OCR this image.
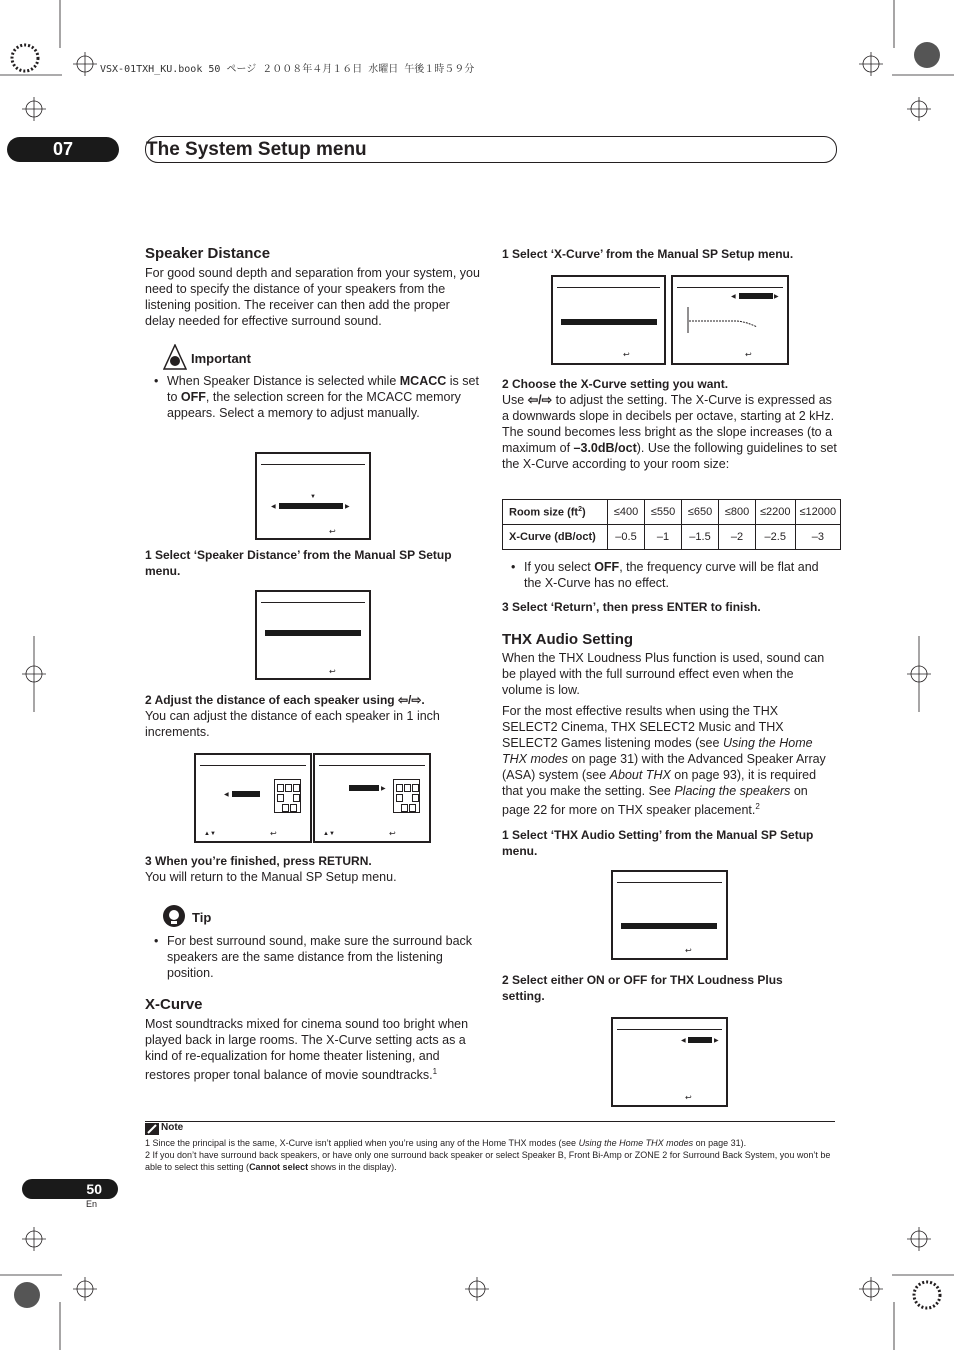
VSX-01TXH_KU.book 50 ページ ２００８年４月１６日 水曜日 午後１時５９分
07	The System Setup menu
Speaker Distance

For good sound depth and separation from your system, you need to specify the distance of your speakers from the listening position. The receiver can then add the proper delay needed for effective surround sound.

Important

• When Speaker Distance is selected while MCACC is set to OFF, the selection screen for the MCACC memory appears. Select a memory to adjust manually.

▼
◀	▶
↩

1 Select ‘Speaker Distance’ from the Manual SP Setup menu.

↩

2 Adjust the distance of each speaker using ⇦/⇨.

You can adjust the distance of each speaker in 1 inch increments.

◀
▲▼	↩
▶
▲▼	↩

3 When you’re finished, press RETURN.

You will return to the Manual SP Setup menu.

Tip

• For best surround sound, make sure the surround back speakers are the same distance from the listening position.

X-Curve

Most soundtracks mixed for cinema sound too bright when played back in large rooms. The X-Curve setting acts as a kind of re-equalization for home theater listening, and restores proper tonal balance of movie soundtracks.$^1$

1 Select ‘X-Curve’ from the Manual SP Setup menu.

↩
◀	▶
↩

2 Choose the X-Curve setting you want.

Use ⇦/⇨ to adjust the setting. The X-Curve is expressed as a downwards slope in decibels per octave, starting at 2 kHz. The sound becomes less bright as the slope increases (to a maximum of –3.0dB/oct). Use the following guidelines to set the X-Curve according to your room size:

Room size $(ft^2)$	≤400	≤550	≤650	≤800	≤2200	≤12000
X-Curve (dB/oct)	–0.5	–1	–1.5	–2	–2.5	–3

• If you select OFF, the frequency curve will be flat and the X-Curve has no effect.

3 Select ‘Return’, then press ENTER to finish.

THX Audio Setting

When the THX Loudness Plus function is used, sound can be played with the full surround effect even when the volume is low.

For the most effective results when using the THX SELECT2 Cinema, THX SELECT2 Music and THX SELECT2 Games listening modes (see Using the Home THX modes on page 31) with the Advanced Speaker Array (ASA) system (see About THX on page 93), it is required that you make the setting. See Placing the speakers on page 22 for more on THX speaker placement.$^2$

1 Select ‘THX Audio Setting’ from the Manual SP Setup menu.

↩

2 Select either ON or OFF for THX Loudness Plus setting.

◀	▶
↩
Note

1 Since the principal is the same, X-Curve isn’t applied when you’re using any of the Home THX modes (see Using the Home THX modes on page 31).

2 If you don’t have surround back speakers, or have only one surround back speaker or select Speaker B, Front Bi-Amp or ZONE 2 for Surround Back System, you won’t be able to select this setting (Cannot select shows in the display).

50
En
